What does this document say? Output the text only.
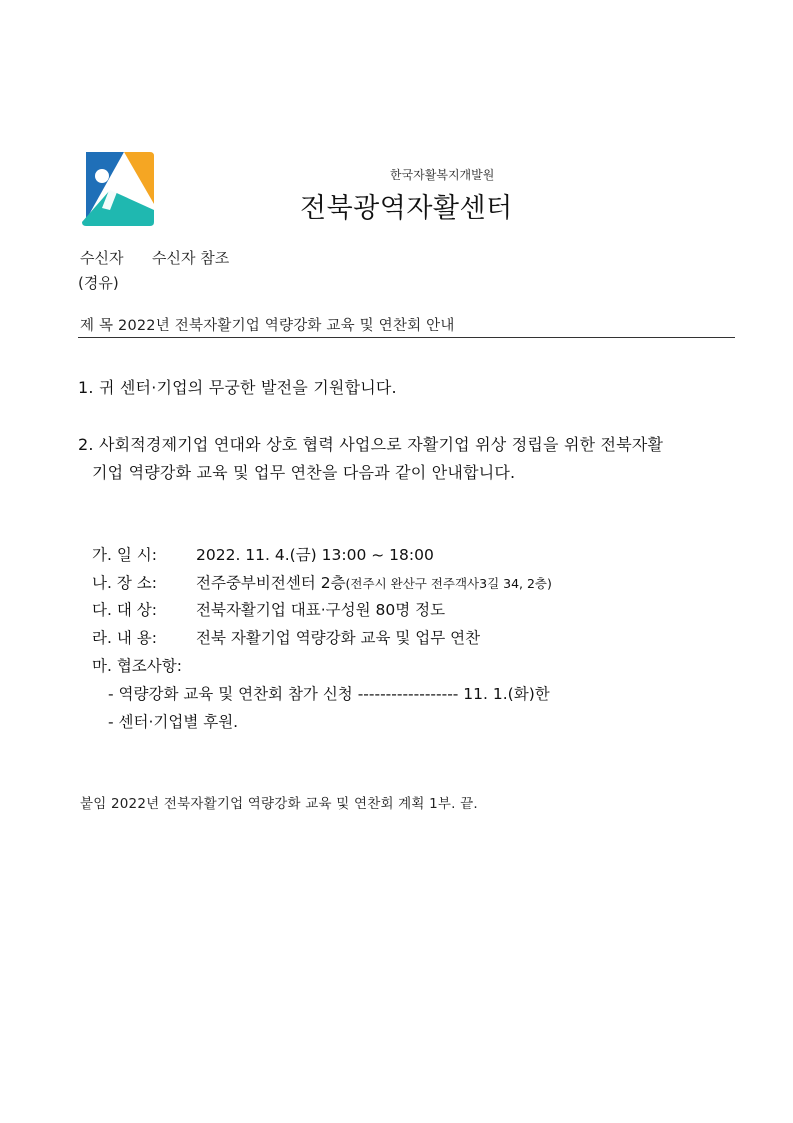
한국자활복지개발원
전북광역자활센터
수신자 수신자 참조
(경유)
제 목 2022년 전북자활기업 역량강화 교육 및 연찬회 안내
1. 귀 센터·기업의 무궁한 발전을 기원합니다.
2. 사회적경제기업 연대와 상호 협력 사업으로 자활기업 위상 정립을 위한 전북자활
기업 역량강화 교육 및 업무 연찬을 다음과 같이 안내합니다.
가. 일 시:	2022. 11. 4.(금) 13:00 ~ 18:00
나. 장 소:	전주중부비전센터 2층(전주시 완산구 전주객사3길 34, 2층)
다. 대 상:	전북자활기업 대표·구성원 80명 정도
라. 내 용:	전북 자활기업 역량강화 교육 및 업무 연찬
마. 협조사항:
- 역량강화 교육 및 연찬회 참가 신청 ------------------ 11. 1.(화)한
- 센터·기업별 후원.
붙임 2022년 전북자활기업 역량강화 교육 및 연찬회 계획 1부. 끝.
